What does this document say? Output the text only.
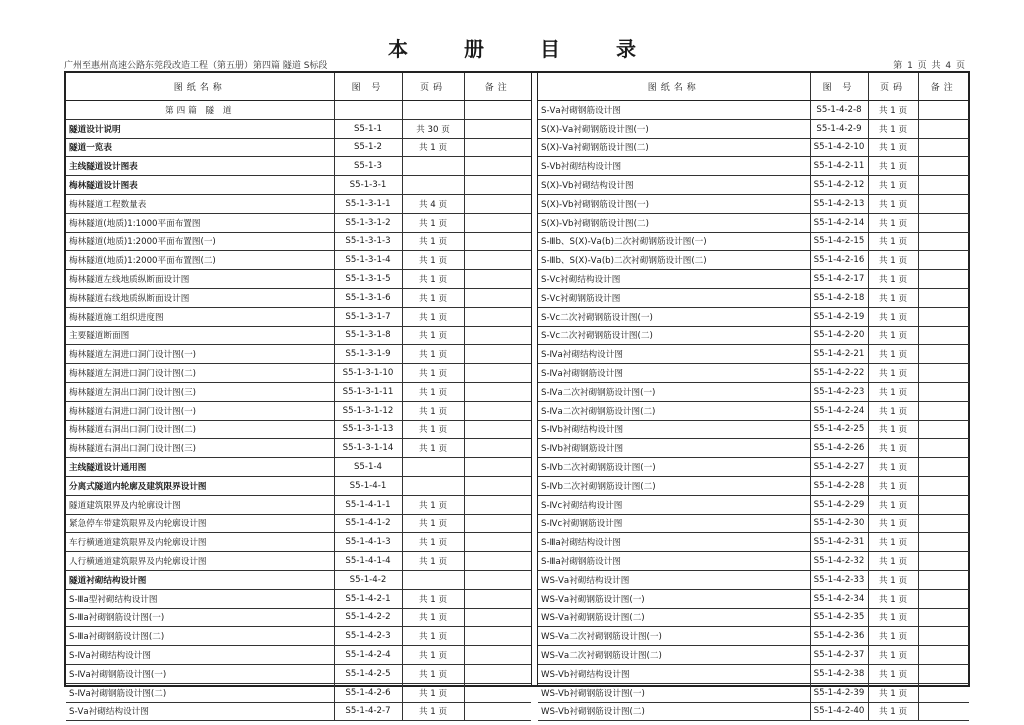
本册目录
广州至惠州高速公路东莞段改造工程（第五册）第四篇 隧道 S标段	第 1 页 共 4 页
图纸名称	图 号	页码	备注
第四篇 隧 道			
隧道设计说明	S5-1-1	共 30 页	
隧道一览表	S5-1-2	共 1 页	
主线隧道设计图表	S5-1-3		
梅林隧道设计图表	S5-1-3-1		
梅林隧道工程数量表	S5-1-3-1-1	共 4 页	
梅林隧道(地质)1:1000平面布置图	S5-1-3-1-2	共 1 页	
梅林隧道(地质)1:2000平面布置图(一)	S5-1-3-1-3	共 1 页	
梅林隧道(地质)1:2000平面布置图(二)	S5-1-3-1-4	共 1 页	
梅林隧道左线地质纵断面设计图	S5-1-3-1-5	共 1 页	
梅林隧道右线地质纵断面设计图	S5-1-3-1-6	共 1 页	
梅林隧道施工组织进度图	S5-1-3-1-7	共 1 页	
主要隧道断面图	S5-1-3-1-8	共 1 页	
梅林隧道左洞进口洞门设计图(一)	S5-1-3-1-9	共 1 页	
梅林隧道左洞进口洞门设计图(二)	S5-1-3-1-10	共 1 页	
梅林隧道左洞出口洞门设计图(三)	S5-1-3-1-11	共 1 页	
梅林隧道右洞进口洞门设计图(一)	S5-1-3-1-12	共 1 页	
梅林隧道右洞出口洞门设计图(二)	S5-1-3-1-13	共 1 页	
梅林隧道右洞出口洞门设计图(三)	S5-1-3-1-14	共 1 页	
主线隧道设计通用图	S5-1-4		
分离式隧道内轮廓及建筑限界设计图	S5-1-4-1		
隧道建筑限界及内轮廓设计图	S5-1-4-1-1	共 1 页	
紧急停车带建筑限界及内轮廓设计图	S5-1-4-1-2	共 1 页	
车行横通道建筑限界及内轮廓设计图	S5-1-4-1-3	共 1 页	
人行横通道建筑限界及内轮廓设计图	S5-1-4-1-4	共 1 页	
隧道衬砌结构设计图	S5-1-4-2		
S-Ⅲa型衬砌结构设计图	S5-1-4-2-1	共 1 页	
S-Ⅲa衬砌钢筋设计图(一)	S5-1-4-2-2	共 1 页	
S-Ⅲa衬砌钢筋设计图(二)	S5-1-4-2-3	共 1 页	
S-Ⅳa衬砌结构设计图	S5-1-4-2-4	共 1 页	
S-Ⅳa衬砌钢筋设计图(一)	S5-1-4-2-5	共 1 页	
S-Ⅳa衬砌钢筋设计图(二)	S5-1-4-2-6	共 1 页	
S-Ⅴa衬砌结构设计图	S5-1-4-2-7	共 1 页	
图纸名称	图 号	页码	备注
S-Ⅴa衬砌钢筋设计图	S5-1-4-2-8	共 1 页	
S(X)-Ⅴa衬砌钢筋设计图(一)	S5-1-4-2-9	共 1 页	
S(X)-Ⅴa衬砌钢筋设计图(二)	S5-1-4-2-10	共 1 页	
S-Ⅴb衬砌结构设计图	S5-1-4-2-11	共 1 页	
S(X)-Ⅴb衬砌结构设计图	S5-1-4-2-12	共 1 页	
S(X)-Ⅴb衬砌钢筋设计图(一)	S5-1-4-2-13	共 1 页	
S(X)-Ⅴb衬砌钢筋设计图(二)	S5-1-4-2-14	共 1 页	
S-Ⅲb、S(X)-Ⅴa(b)二次衬砌钢筋设计图(一)	S5-1-4-2-15	共 1 页	
S-Ⅲb、S(X)-Ⅴa(b)二次衬砌钢筋设计图(二)	S5-1-4-2-16	共 1 页	
S-Ⅴc衬砌结构设计图	S5-1-4-2-17	共 1 页	
S-Ⅴc衬砌钢筋设计图	S5-1-4-2-18	共 1 页	
S-Ⅴc二次衬砌钢筋设计图(一)	S5-1-4-2-19	共 1 页	
S-Ⅴc二次衬砌钢筋设计图(二)	S5-1-4-2-20	共 1 页	
S-Ⅳa衬砌结构设计图	S5-1-4-2-21	共 1 页	
S-Ⅳa衬砌钢筋设计图	S5-1-4-2-22	共 1 页	
S-Ⅳa二次衬砌钢筋设计图(一)	S5-1-4-2-23	共 1 页	
S-Ⅳa二次衬砌钢筋设计图(二)	S5-1-4-2-24	共 1 页	
S-Ⅳb衬砌结构设计图	S5-1-4-2-25	共 1 页	
S-Ⅳb衬砌钢筋设计图	S5-1-4-2-26	共 1 页	
S-Ⅳb二次衬砌钢筋设计图(一)	S5-1-4-2-27	共 1 页	
S-Ⅳb二次衬砌钢筋设计图(二)	S5-1-4-2-28	共 1 页	
S-Ⅳc衬砌结构设计图	S5-1-4-2-29	共 1 页	
S-Ⅳc衬砌钢筋设计图	S5-1-4-2-30	共 1 页	
S-Ⅲa衬砌结构设计图	S5-1-4-2-31	共 1 页	
S-Ⅲa衬砌钢筋设计图	S5-1-4-2-32	共 1 页	
WS-Ⅴa衬砌结构设计图	S5-1-4-2-33	共 1 页	
WS-Ⅴa衬砌钢筋设计图(一)	S5-1-4-2-34	共 1 页	
WS-Ⅴa衬砌钢筋设计图(二)	S5-1-4-2-35	共 1 页	
WS-Ⅴa二次衬砌钢筋设计图(一)	S5-1-4-2-36	共 1 页	
WS-Ⅴa二次衬砌钢筋设计图(二)	S5-1-4-2-37	共 1 页	
WS-Ⅴb衬砌结构设计图	S5-1-4-2-38	共 1 页	
WS-Ⅴb衬砌钢筋设计图(一)	S5-1-4-2-39	共 1 页	
WS-Ⅴb衬砌钢筋设计图(二)	S5-1-4-2-40	共 1 页	
